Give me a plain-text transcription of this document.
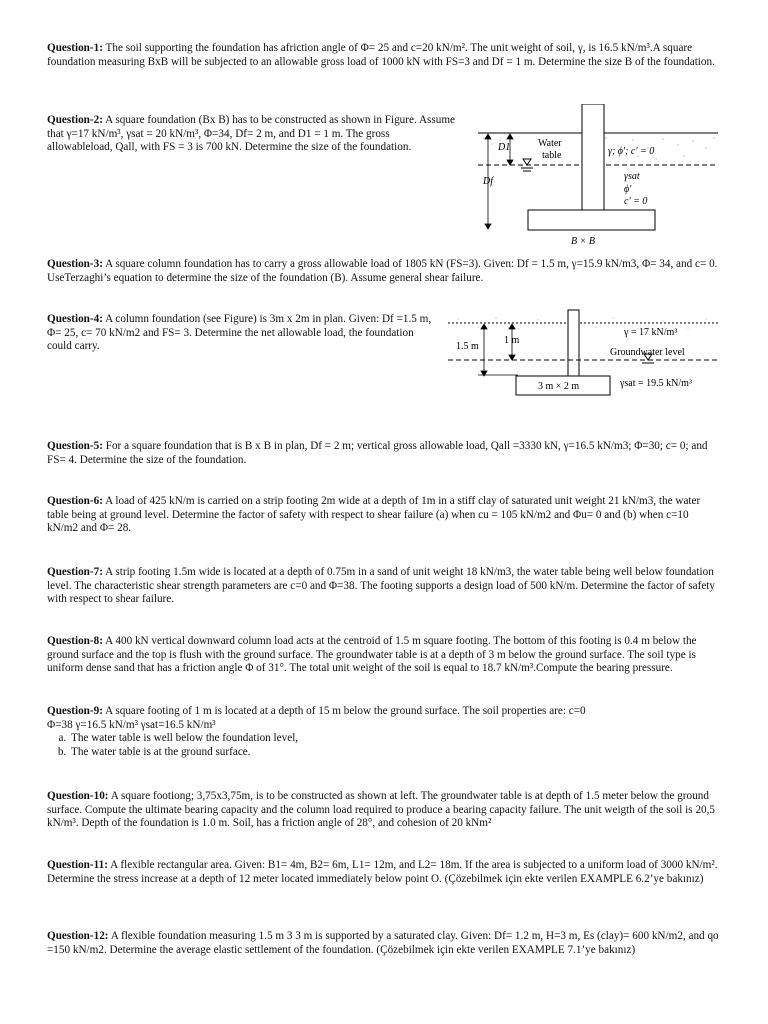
Question-1: The soil supporting the foundation has afriction angle of Φ= 25 and c=20 kN/m². The unit weight of soil, γ, is 16.5 kN/m³.A square foundation measuring BxB will be subjected to an allowable gross load of 1000 kN with FS=3 and Df = 1 m. Determine the size B of the foundation.

Question-2: A square foundation (Bx B) has to be constructed as shown in Figure. Assume that γ=17 kN/m³, γsat = 20 kN/m³, Φ=34, Df= 2 m, and D1 = 1 m. The gross allowableload, Qall, with FS = 3 is 700 kN. Determine the size of the foundation.	D1
Df
Water
table	γ; ϕ'; c' = 0
γsat
ϕ'
c' = 0
B × B

Question-3: A square column foundation has to carry a gross allowable load of 1805 kN (FS=3). Given: Df = 1.5 m, γ=15.9 kN/m3, Φ= 34, and c= 0. UseTerzaghi’s equation to determine the size of the foundation (B). Assume general shear failure.

Question-4: A column foundation (see Figure) is 3m x 2m in plan. Given: Df =1.5 m, Φ= 25, c= 70 kN/m2 and FS= 3. Determine the net allowable load, the foundation could carry.	1.5 m
1 m
γ = 17 kN/m³
Groundwater level
3 m × 2 m	γsat = 19.5 kN/m³

Question-5: For a square foundation that is B x B in plan, Df = 2 m; vertical gross allowable load, Qall =3330 kN, γ=16.5 kN/m3; Φ=30; c= 0; and FS= 4. Determine the size of the foundation.

Question-6: A load of 425 kN/m is carried on a strip footing 2m wide at a depth of 1m in a stiff clay of saturated unit weight 21 kN/m3, the water table being at ground level. Determine the factor of safety with respect to shear failure (a) when cu = 105 kN/m2 and Φu= 0 and (b) when c=10 kN/m2 and Φ= 28.

Question-7: A strip footing 1.5m wide is located at a depth of 0.75m in a sand of unit weight 18 kN/m3, the water table being well below foundation level. The characteristic shear strength parameters are c=0 and Φ=38. The footing supports a design load of 500 kN/m. Determine the factor of safety with respect to shear failure.

Question-8: A 400 kN vertical downward column load acts at the centroid of 1.5 m square footing. The bottom of this footing is 0.4 m below the ground surface and the top is flush with the ground surface. The groundwater table is at a depth of 3 m below the ground surface. The soil type is uniform dense sand that has a friction angle Φ of 31°. The total unit weight of the soil is equal to 18.7 kN/m³.Compute the bearing pressure.

Question-9: A square footing of 1 m is located at a depth of 15 m below the ground surface. The soil properties are: c=0
Φ=38 γ=16.5 kN/m³ γsat=16.5 kN/m³
a. The water table is well below the foundation level,
b. The water table is at the ground surface.

Question-10: A square footiong; 3,75x3,75m, is to be constructed as shown at left. The groundwater table is at depth of 1.5 meter below the ground surface. Compute the ultimate bearing capacity and the column load required to produce a bearing capacity failure. The unit weigth of the soil is 20,5 kN/m³. Depth of the foundation is 1.0 m. Soil, has a friction angle of 28°, and cohesion of 20 kNm²

Question-11: A flexible rectangular area. Given: B1= 4m, B2= 6m, L1= 12m, and L2= 18m. If the area is subjected to a uniform load of 3000 kN/m². Determine the stress increase at a depth of 12 meter located immediately below point O. (Çözebilmek için ekte verilen EXAMPLE 6.2’ye bakınız)

Question-12: A flexible foundation measuring 1.5 m 3 3 m is supported by a saturated clay. Given: Df= 1.2 m, H=3 m, Es (clay)= 600 kN/m2, and qo =150 kN/m2. Determine the average elastic settlement of the foundation. (Çözebilmek için ekte verilen EXAMPLE 7.1’ye bakınız)
